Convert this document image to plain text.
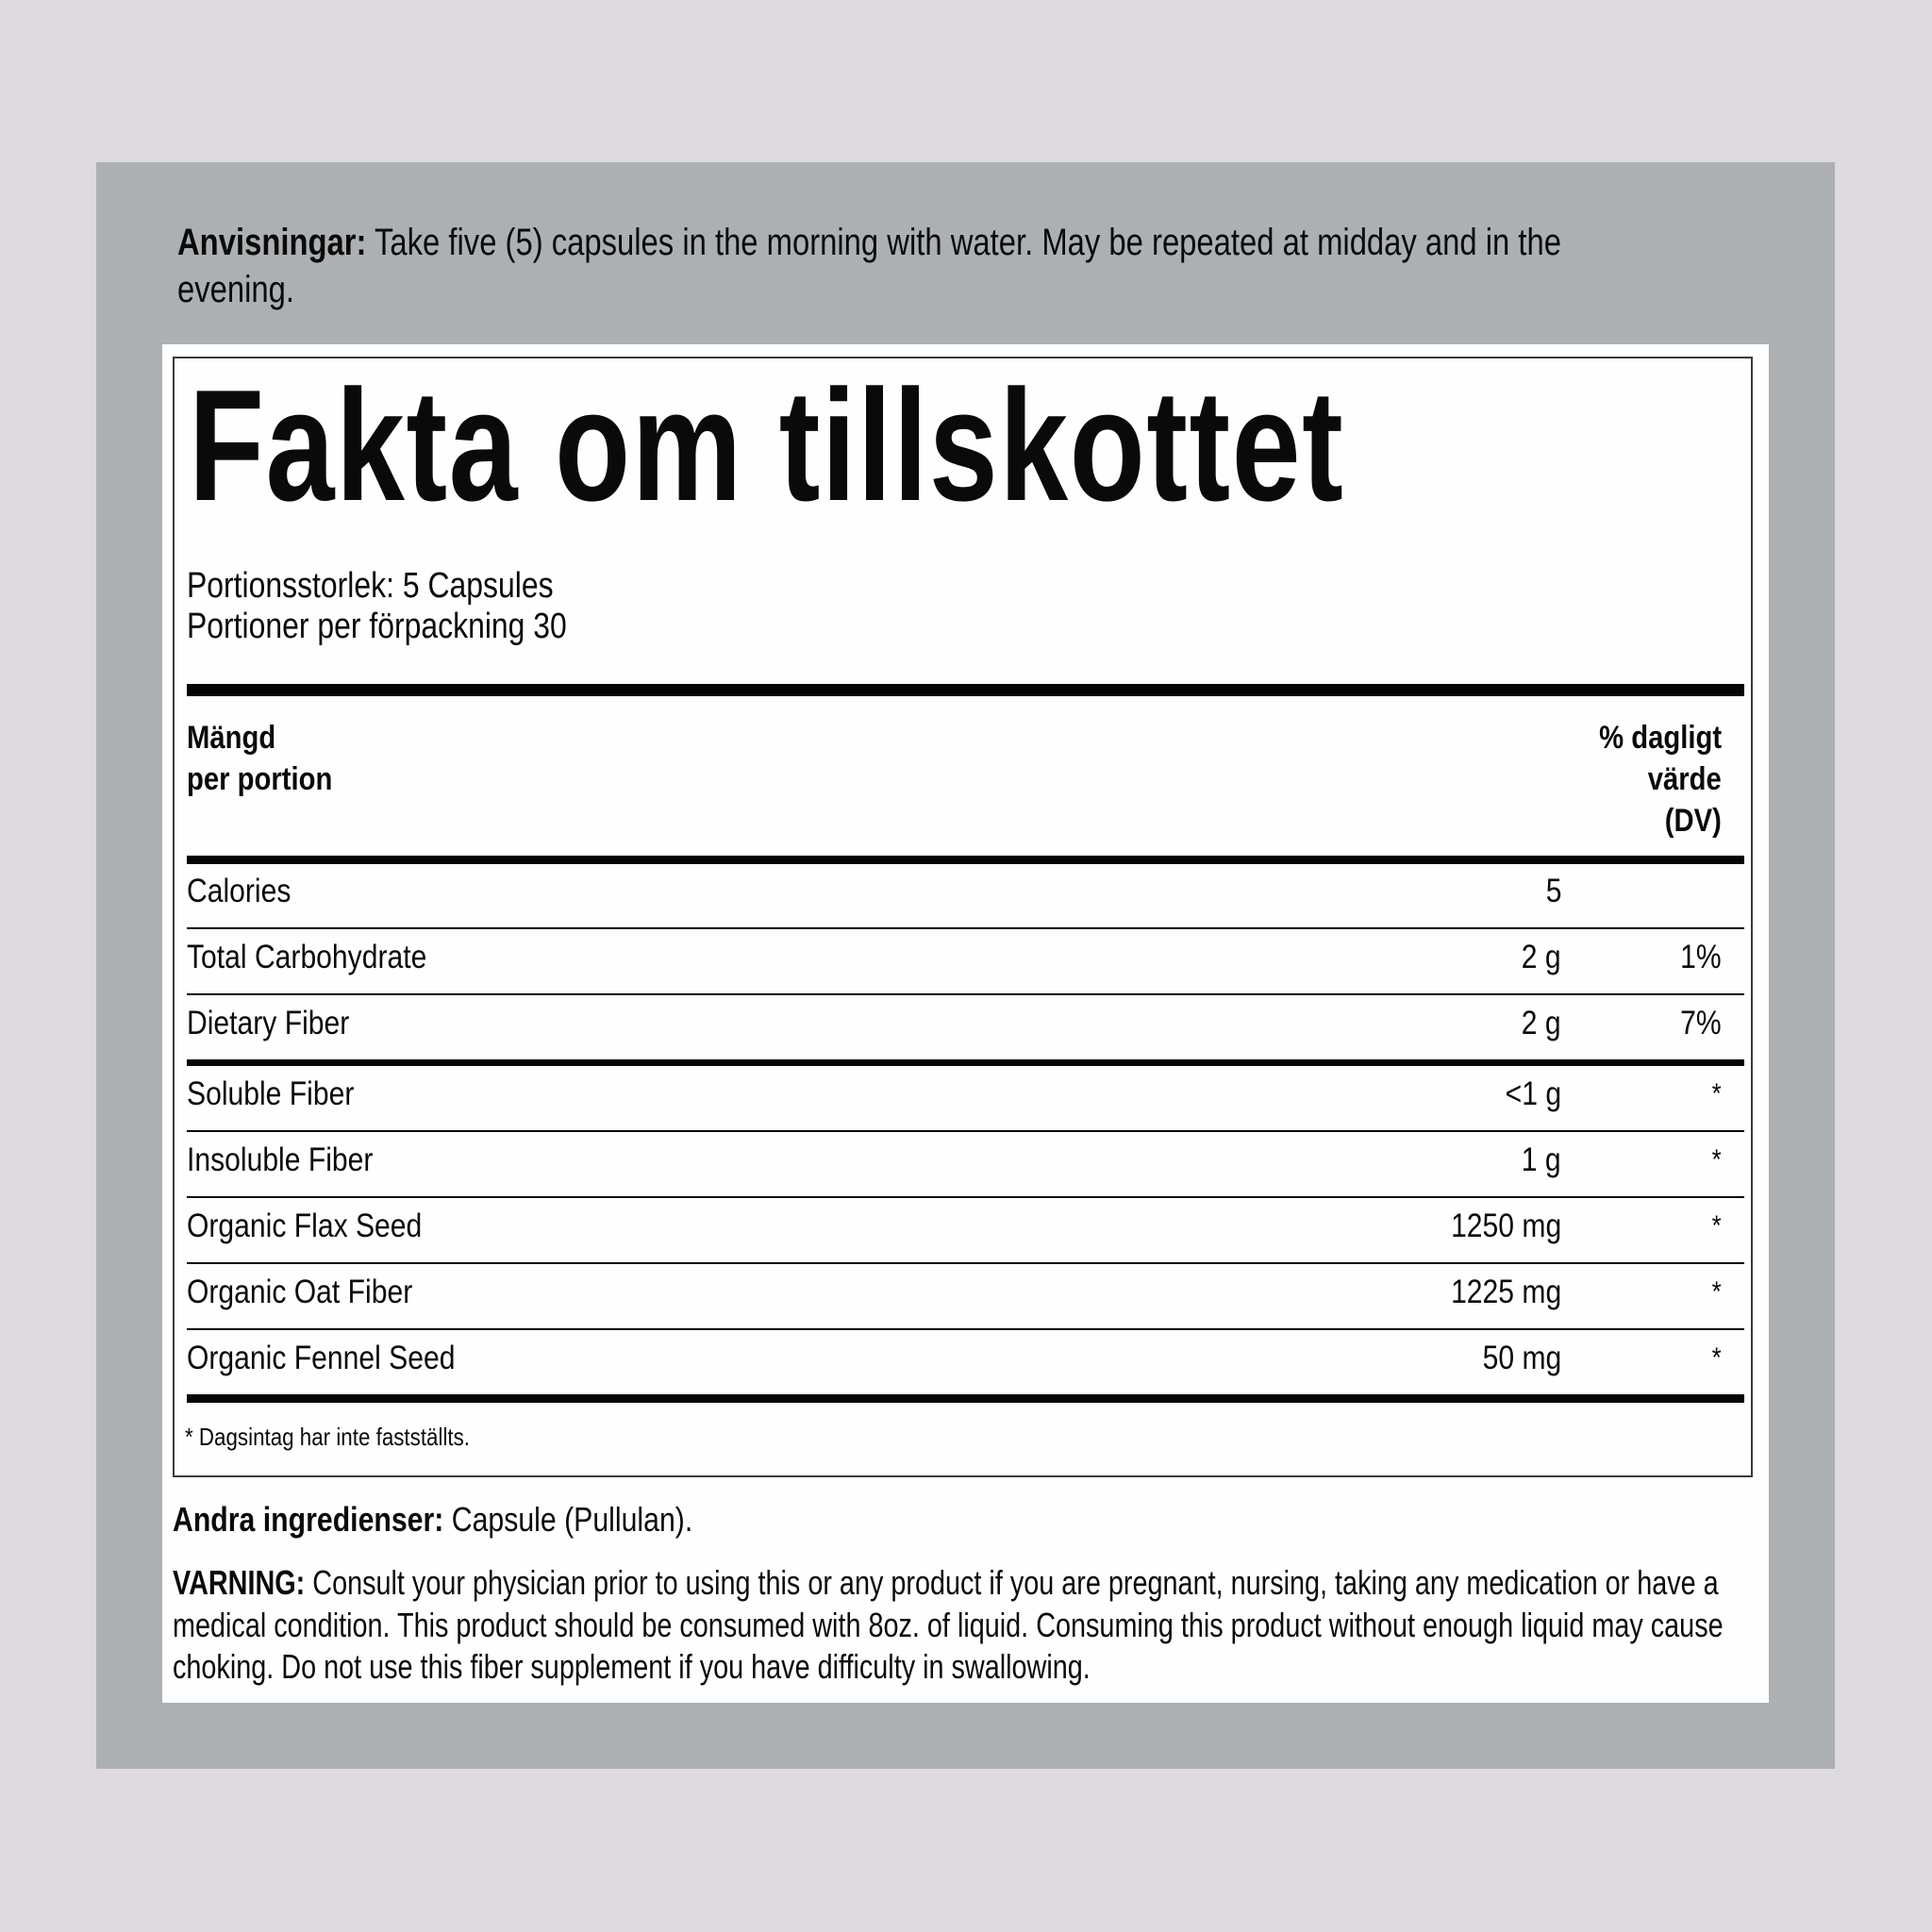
Anvisningar: Take five (5) capsules in the morning with water. May be repeated at midday and in the evening.
Fakta om tillskottet
Portionsstorlek: 5 Capsules
Portioner per förpackning 30
Mängd
per portion
% dagligt
värde
(DV)
Calories	5
Total Carbohydrate	2 g	1%
Dietary Fiber	2 g	7%
Soluble Fiber	<1 g	*
Insoluble Fiber	1 g	*
Organic Flax Seed	1250 mg	*
Organic Oat Fiber	1225 mg	*
Organic Fennel Seed	50 mg	*
* Dagsintag har inte fastställts.
Andra ingredienser: Capsule (Pullulan).
VARNING: Consult your physician prior to using this or any product if you are pregnant, nursing, taking any medication or have a medical condition. This product should be consumed with 8oz. of liquid. Consuming this product without enough liquid may cause choking. Do not use this fiber supplement if you have difficulty in swallowing.
